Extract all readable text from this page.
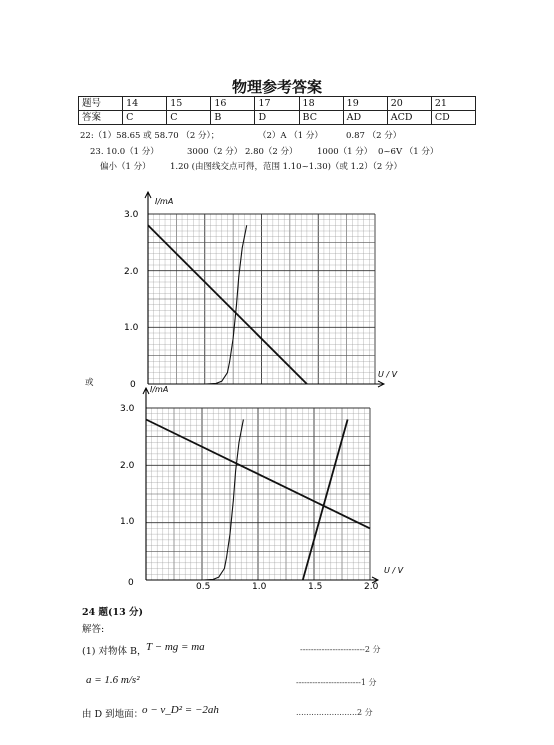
物理参考答案
题号	14	15	16	17	18	19	20	21
答案	C	C	B	D	BC	AD	ACD	CD
22:（1）58.65 或 58.70 （2 分）；	（2）A （1 分）	0.87 （2 分）
23. 10.0（1 分）	3000（2 分） 2.80（2 分） 1000（1 分） 0~6V （1 分）
偏小（1 分） 1.20 (由图线交点可得，范围 1.10~1.30)（或 1.2）（2 分）
或
3.0
2.0
1.0
0
I/mA
U / V
3.0
2.0
1.0
0	0.5	1.0	1.5	2.0
I/mA
U / V
24 题(13 分)
解答:
(1) 对物体 B， T − mg = ma	------------------------2 分
a = 1.6 m/s²	------------------------1 分
由 D 到地面：
o − v_D² = −2ah	........................2 分
